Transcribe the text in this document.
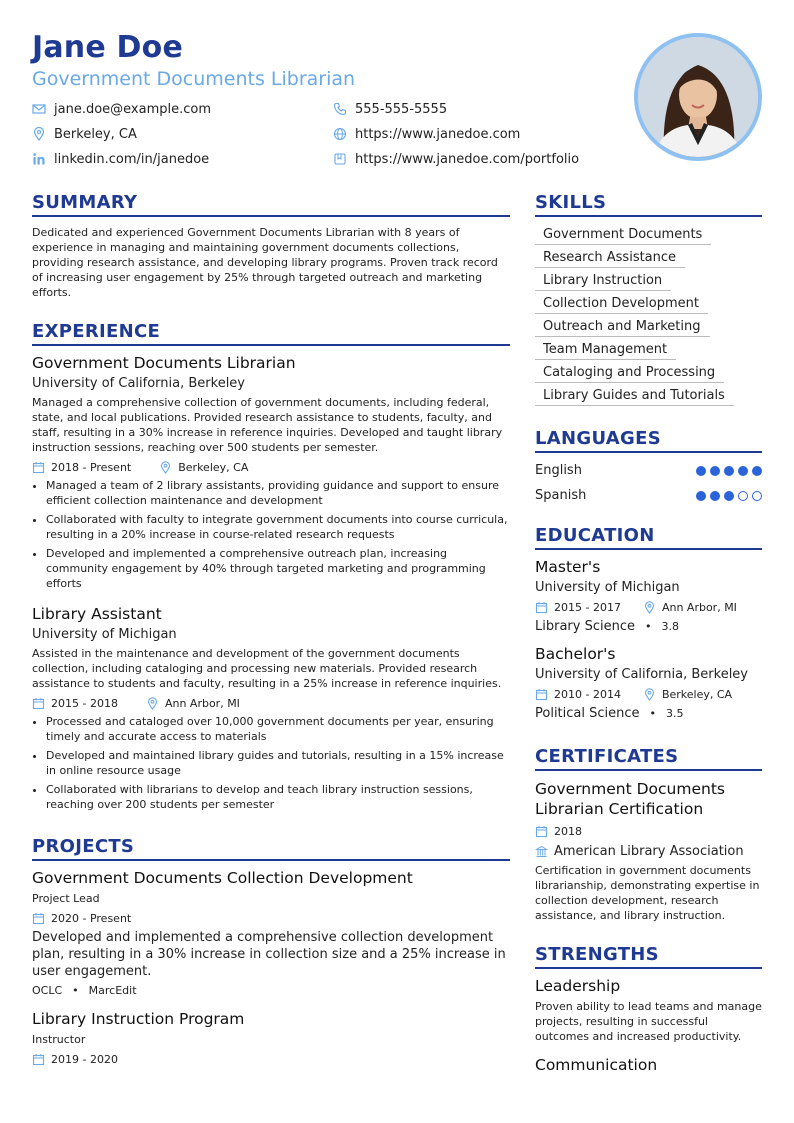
Jane Doe
Government Documents Librarian
jane.doe@example.com	555-555-5555
Berkeley, CA	https://www.janedoe.com
linkedin.com/in/janedoe	https://www.janedoe.com/portfolio
SUMMARY
Dedicated and experienced Government Documents Librarian with 8 years of experience in managing and maintaining government documents collections, providing research assistance, and developing library programs. Proven track record of increasing user engagement by 25% through targeted outreach and marketing efforts.
EXPERIENCE
Government Documents Librarian
University of California, Berkeley
Managed a comprehensive collection of government documents, including federal, state, and local publications. Provided research assistance to students, faculty, and staff, resulting in a 30% increase in reference inquiries. Developed and taught library instruction sessions, reaching over 500 students per semester.
2018 - Present	Berkeley, CA
• Managed a team of 2 library assistants, providing guidance and support to ensure efficient collection maintenance and development
• Collaborated with faculty to integrate government documents into course curricula, resulting in a 20% increase in course-related research requests
• Developed and implemented a comprehensive outreach plan, increasing community engagement by 40% through targeted marketing and programming efforts
Library Assistant
University of Michigan
Assisted in the maintenance and development of the government documents collection, including cataloging and processing new materials. Provided research assistance to students and faculty, resulting in a 25% increase in reference inquiries.
2015 - 2018	Ann Arbor, MI
• Processed and cataloged over 10,000 government documents per year, ensuring timely and accurate access to materials
• Developed and maintained library guides and tutorials, resulting in a 15% increase in online resource usage
• Collaborated with librarians to develop and teach library instruction sessions, reaching over 200 students per semester
PROJECTS
Government Documents Collection Development
Project Lead
2020 - Present
Developed and implemented a comprehensive collection development plan, resulting in a 30% increase in collection size and a 25% increase in user engagement.
OCLC • MarcEdit
Library Instruction Program
Instructor
2019 - 2020
SKILLS
Government Documents
Research Assistance
Library Instruction
Collection Development
Outreach and Marketing
Team Management
Cataloging and Processing
Library Guides and Tutorials
LANGUAGES
English
Spanish
EDUCATION
Master's
University of Michigan
2015 - 2017	Ann Arbor, MI
Library Science • 3.8
Bachelor's
University of California, Berkeley
2010 - 2014	Berkeley, CA
Political Science • 3.5
CERTIFICATES
Government Documents Librarian Certification
2018
American Library Association
Certification in government documents librarianship, demonstrating expertise in collection development, research assistance, and library instruction.
STRENGTHS
Leadership
Proven ability to lead teams and manage projects, resulting in successful outcomes and increased productivity.
Communication
